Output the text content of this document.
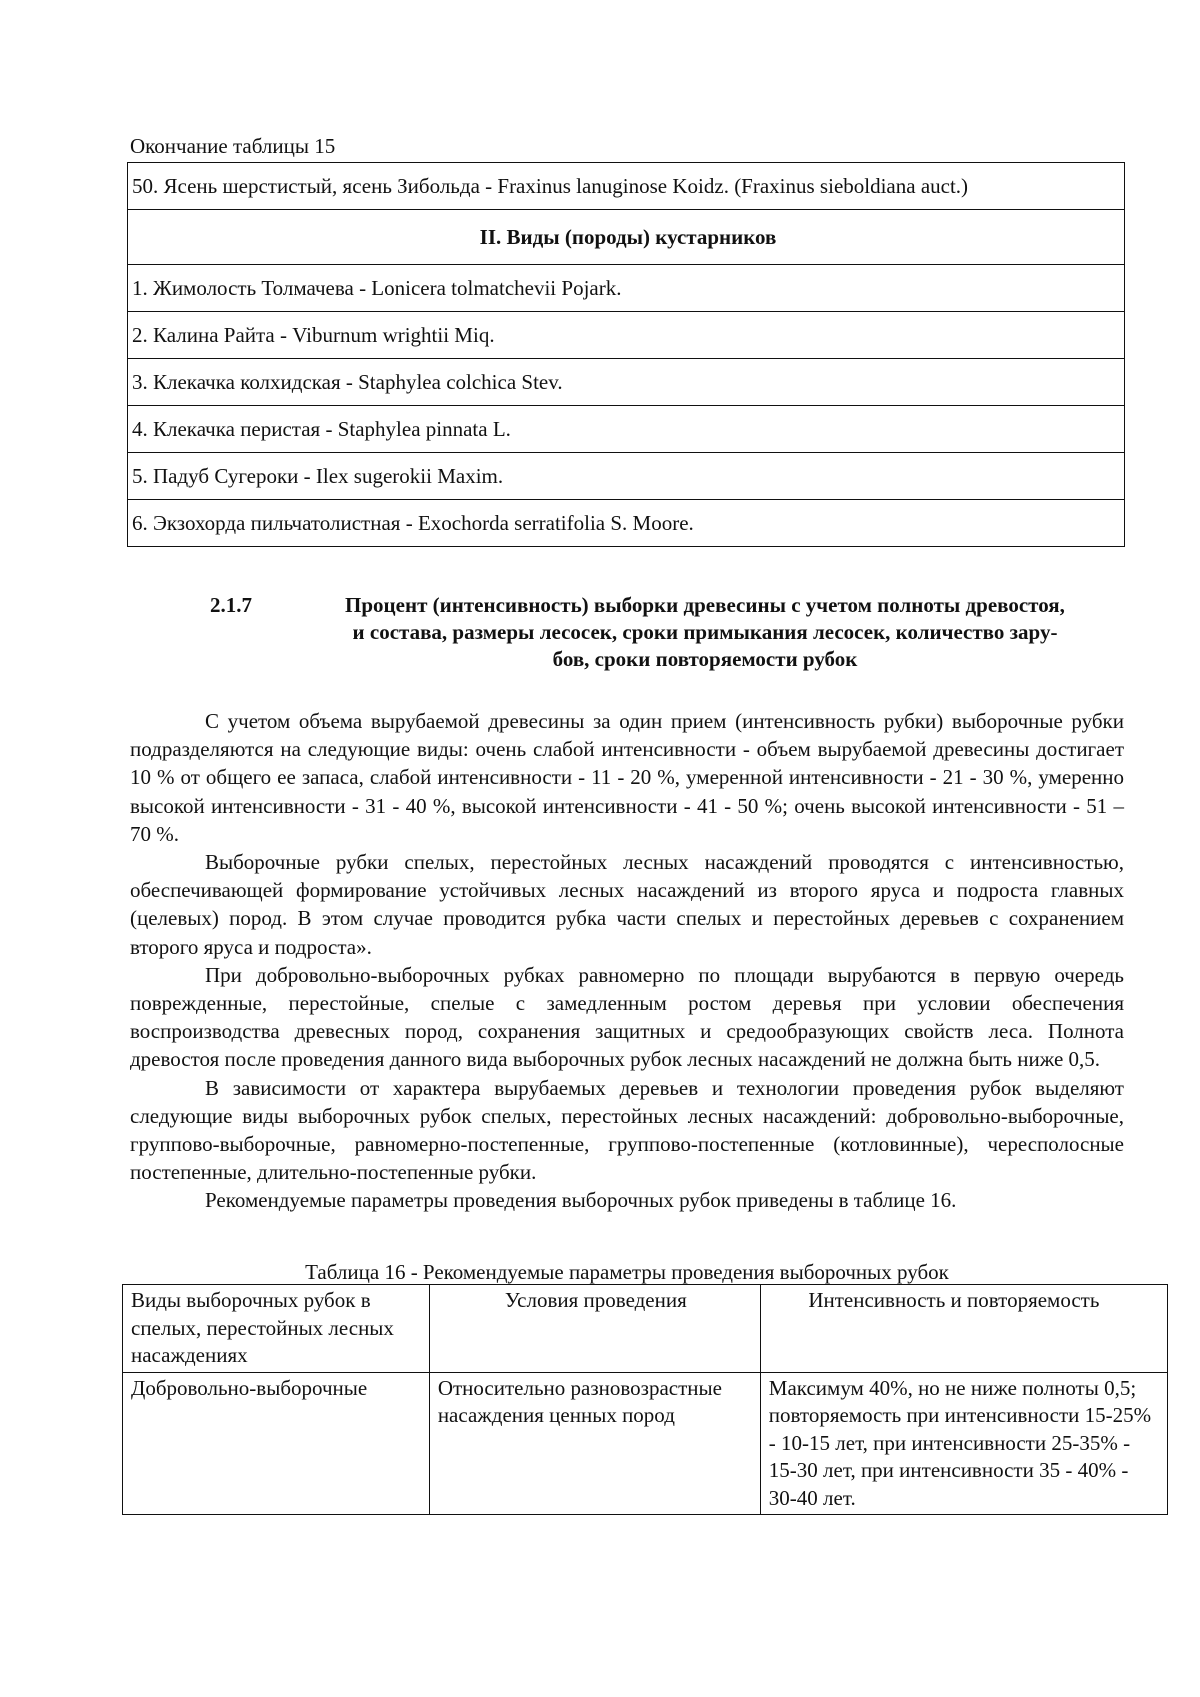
Окончание таблицы 15
50. Ясень шерстистый, ясень Зибольда - Fraxinus lanuginose Koidz. (Fraxinus sieboldiana auct.)
II. Виды (породы) кустарников
1. Жимолость Толмачева - Lonicera tolmatchevii Pojark.
2. Калина Райта - Viburnum wrightii Miq.
3. Клекачка колхидская - Staphylea colchica Stev.
4. Клекачка перистая - Staphylea pinnata L.
5. Падуб Сугероки - Ilex sugerokii Maxim.
6. Экзохорда пильчатолистная - Exochorda serratifolia S. Moore.
2.1.7	Процент (интенсивность) выборки древесины с учетом полноты древостоя,
и состава, размеры лесосек, сроки примыкания лесосек, количество зару-
бов, сроки повторяемости рубок

С учетом объема вырубаемой древесины за один прием (интенсивность рубки) выборочные рубки подразделяются на следующие виды: очень слабой интенсивности - объем вырубаемой древесины достигает 10 % от общего ее запаса, слабой интенсивности - 11 - 20 %, умеренной интенсивности - 21 - 30 %, умеренно высокой интенсивности - 31 - 40 %, высокой интенсивности - 41 - 50 %; очень высокой интенсивности - 51 – 70 %.

Выборочные рубки спелых, перестойных лесных насаждений проводятся с интенсивностью, обеспечивающей формирование устойчивых лесных насаждений из второго яруса и подроста главных (целевых) пород. В этом случае проводится рубка части спелых и перестойных деревьев с сохранением второго яруса и подроста».

При добровольно-выборочных рубках равномерно по площади вырубаются в первую очередь поврежденные, перестойные, спелые с замедленным ростом деревья при условии обеспечения воспроизводства древесных пород, сохранения защитных и средообразующих свойств леса. Полнота древостоя после проведения данного вида выборочных рубок лесных насаждений не должна быть ниже 0,5.

В зависимости от характера вырубаемых деревьев и технологии проведения рубок выделяют следующие виды выборочных рубок спелых, перестойных лесных насаждений: добровольно-выборочные, группово-выборочные, равномерно-постепенные, группово-постепенные (котловинные), чересполосные постепенные, длительно-постепенные рубки.

Рекомендуемые параметры проведения выборочных рубок приведены в таблице 16.

Таблица 16 - Рекомендуемые параметры проведения выборочных рубок
Виды выборочных рубок в спелых, перестойных лесных насаждениях	Условия проведения	Интенсивность и повторяемость
Добровольно-выборочные	Относительно разновозрастные насаждения ценных пород	Максимум 40%, но не ниже полноты 0,5; повторяемость при интенсивности 15-25% - 10-15 лет, при интенсивности 25-35% - 15-30 лет, при интенсивности 35 - 40% - 30-40 лет.
